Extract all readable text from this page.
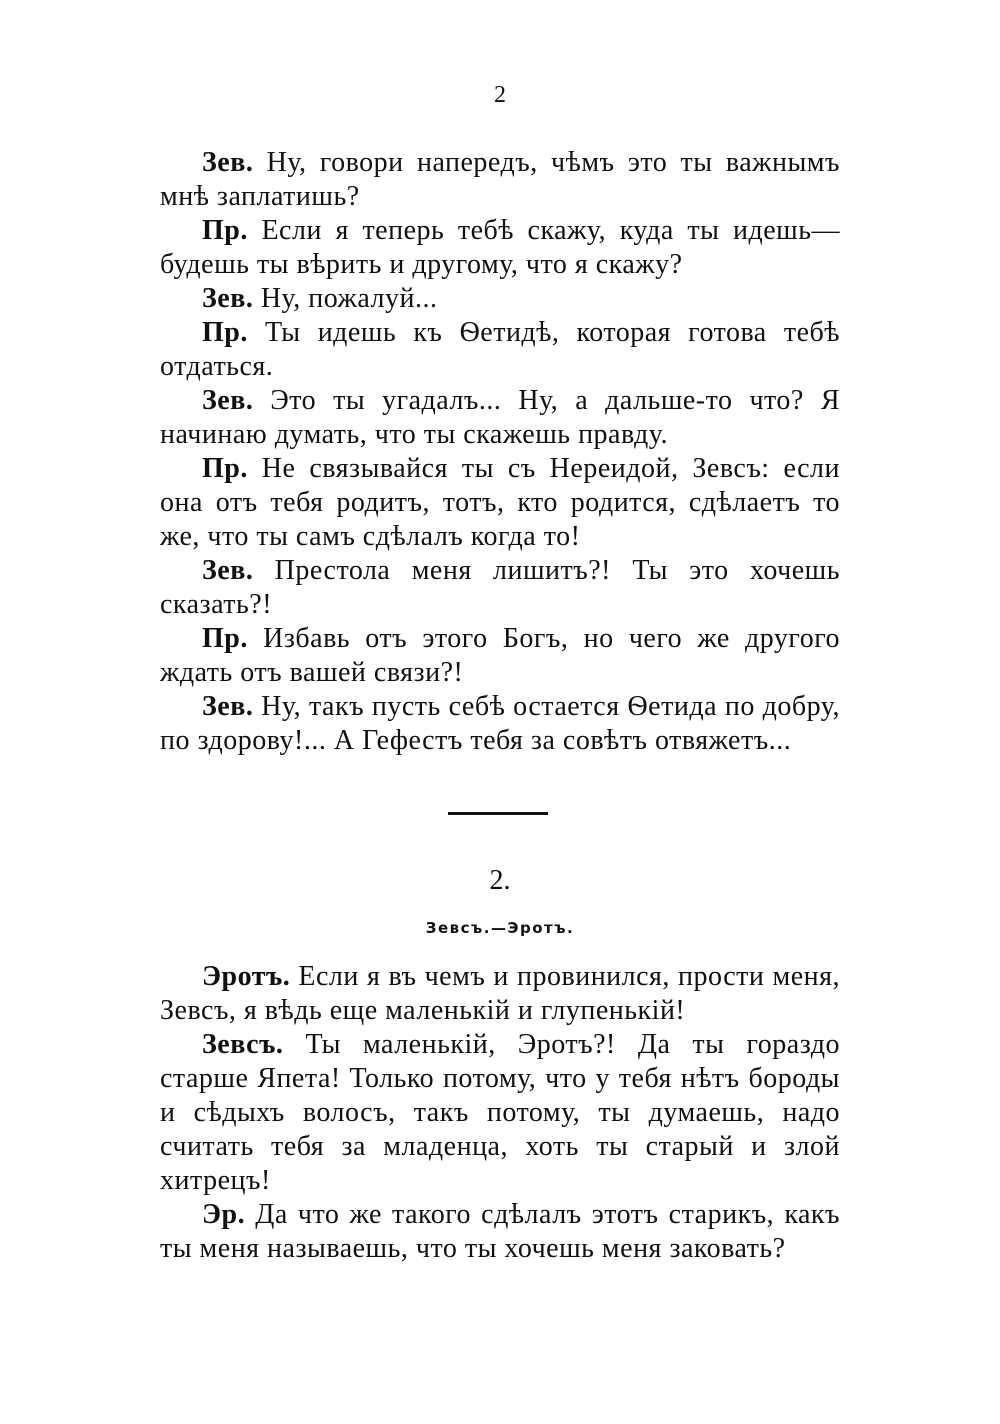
2

Зев. Ну, говори напередъ, чѣмъ это ты важнымъ мнѣ заплатишь?

Пр. Если я теперь тебѣ скажу, куда ты идешь—будешь ты вѣрить и другому, что я скажу?

Зев. Ну, пожалуй...

Пр. Ты идешь къ Ѳетидѣ, которая готова тебѣ отдаться.

Зев. Это ты угадалъ... Ну, а дальше-то что? Я начинаю думать, что ты скажешь правду.

Пр. Не связывайся ты съ Нереидой, Зевсъ: если она отъ тебя родитъ, тотъ, кто родится, сдѣлаетъ то же, что ты самъ сдѣлалъ когда то!

Зев. Престола меня лишитъ?! Ты это хочешь сказать?!

Пр. Избавь отъ этого Богъ, но чего же другого ждать отъ вашей связи?!

Зев. Ну, такъ пусть себѣ остается Ѳетида по добру, по здорову!... А Гефестъ тебя за совѣтъ отвяжетъ...

2.
Зевсъ.—Эротъ.

Эротъ. Если я въ чемъ и провинился, прости меня, Зевсъ, я вѣдь еще маленькій и глупенькій!

Зевсъ. Ты маленькій, Эротъ?! Да ты гораздо старше Япета! Только потому, что у тебя нѣтъ бороды и сѣдыхъ волосъ, такъ потому, ты думаешь, надо считать тебя за младенца, хоть ты старый и злой хитрецъ!

Эр. Да что же такого сдѣлалъ этотъ старикъ, какъ ты меня называешь, что ты хочешь меня заковать?
